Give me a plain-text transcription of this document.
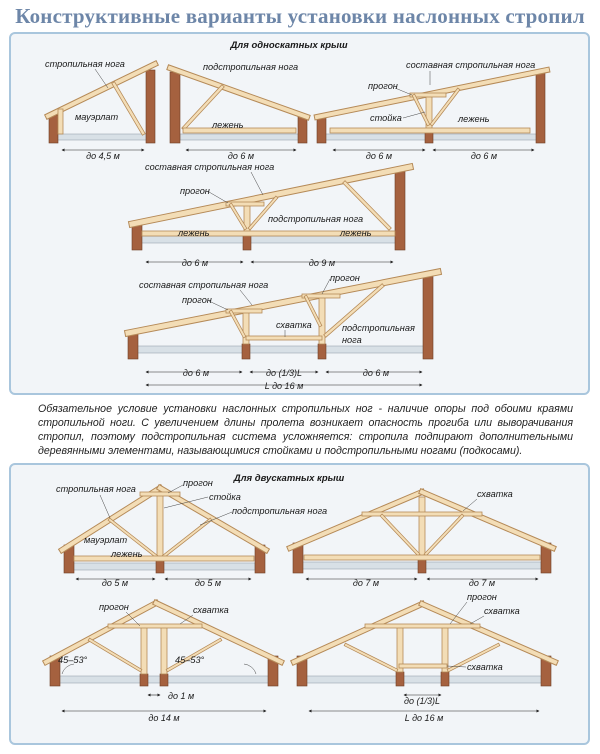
Конструктивные варианты установки наслонных стропил
Обязательное условие установки наслонных стропильных ног - наличие опоры под обоими краями стропильной ноги. С увеличением длины пролета возникает опасность прогиба или выворачивания стропил, поэтому подстропильная система усложняется: стропила подпирают дополнительными деревянными элементами, называющимися стойками и подстропильными ногами (подкосами).
Для односкатных крыш
Для двускатных крыш
стропильная нога
мауэрлат
до 4,5 м
подстропильная нога
лежень
до 6 м
составная стропильная нога
прогон
стойка	лежень
до 6 м	до 6 м
составная стропильная нога
прогон
подстропильная нога
лежень	лежень
до 6 м	до 9 м
составная стропильная нога
прогон
прогон
схватка	подстропильная
нога
до 6 м	до (1/3)L	до 6 м
L до 16 м
стропильная нога
прогон
стойка
подстропильная нога
мауэрлат
лежень
до 5 м	до 5 м
схватка
до 7 м	до 7 м
прогон	схватка
45–53°	45–53°
до 1 м
до 14 м
прогон
схватка
схватка
до (1/3)L
L до 16 м
